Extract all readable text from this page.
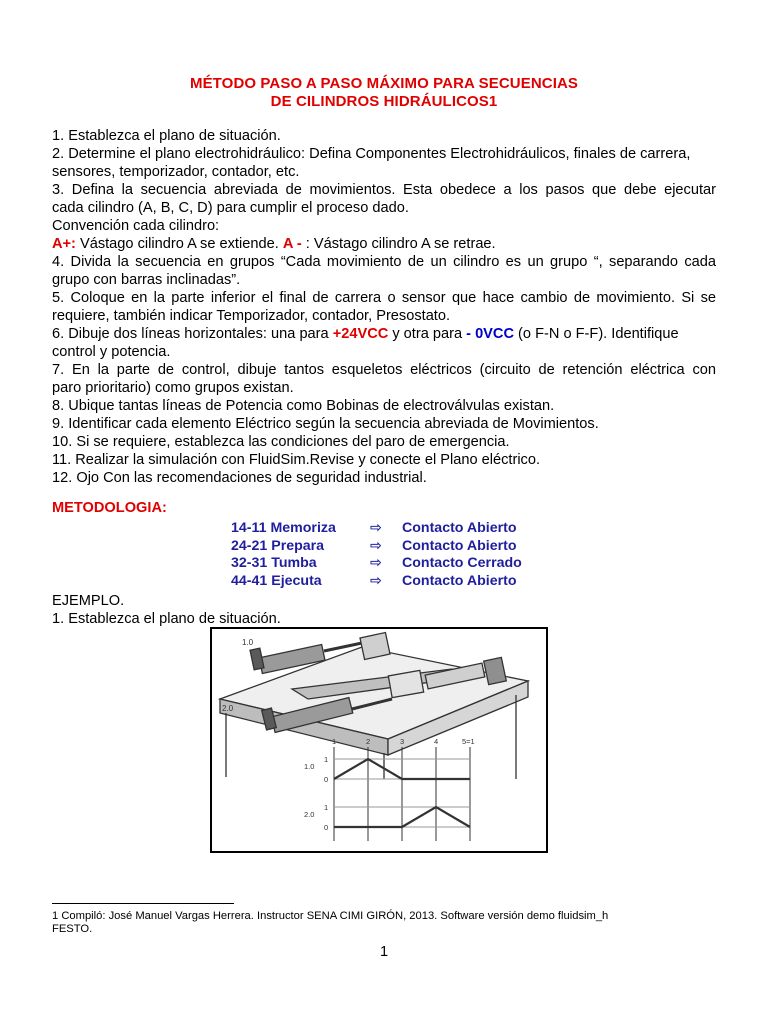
MÉTODO PASO A PASO MÁXIMO PARA SECUENCIAS
DE CILINDROS HIDRÁULICOS1

1. Establezca el plano de situación.

2. Determine el plano electrohidráulico: Defina Componentes Electrohidráulicos, finales de carrera,

sensores, temporizador, contador, etc.

3. Defina la secuencia abreviada de movimientos. Esta obedece a los pasos que debe ejecutar

cada cilindro (A, B, C, D) para cumplir el proceso dado.

Convención cada cilindro:

A+: Vástago cilindro A se extiende. A - : Vástago cilindro A se retrae.

4. Divida la secuencia en grupos “Cada movimiento de un cilindro es un grupo “, separando cada

grupo con barras inclinadas”.

5. Coloque en la parte inferior el final de carrera o sensor que hace cambio de movimiento. Si se

requiere, también indicar Temporizador, contador, Presostato.

6. Dibuje dos líneas horizontales: una para +24VCC y otra para - 0VCC (o F-N o F-F). Identifique

control y potencia.

7. En la parte de control, dibuje tantos esqueletos eléctricos (circuito de retención eléctrica con

paro prioritario) como grupos existan.

8. Ubique tantas líneas de Potencia como Bobinas de electroválvulas existan.

9. Identificar cada elemento Eléctrico según la secuencia abreviada de Movimientos.

10. Si se requiere, establezca las condiciones del paro de emergencia.

11. Realizar la simulación con FluidSim.Revise y conecte el Plano eléctrico.

12. Ojo Con las recomendaciones de seguridad industrial.

METODOLOGIA:
14-11 Memoriza ⇨ Contacto Abierto
24-21 Prepara	⇨ Contacto Abierto
32-31 Tumba	⇨ Contacto Cerrado
44-41 Ejecuta	⇨ Contacto Abierto

EJEMPLO.

1. Establezca el plano de situación.

1.0
2.0
1	2	3	4	5=1
1.0
1
0
2.0
1
0
1 Compiló: José Manuel Vargas Herrera. Instructor SENA CIMI GIRÓN, 2013. Software versión demo fluidsim_h
FESTO.
1
